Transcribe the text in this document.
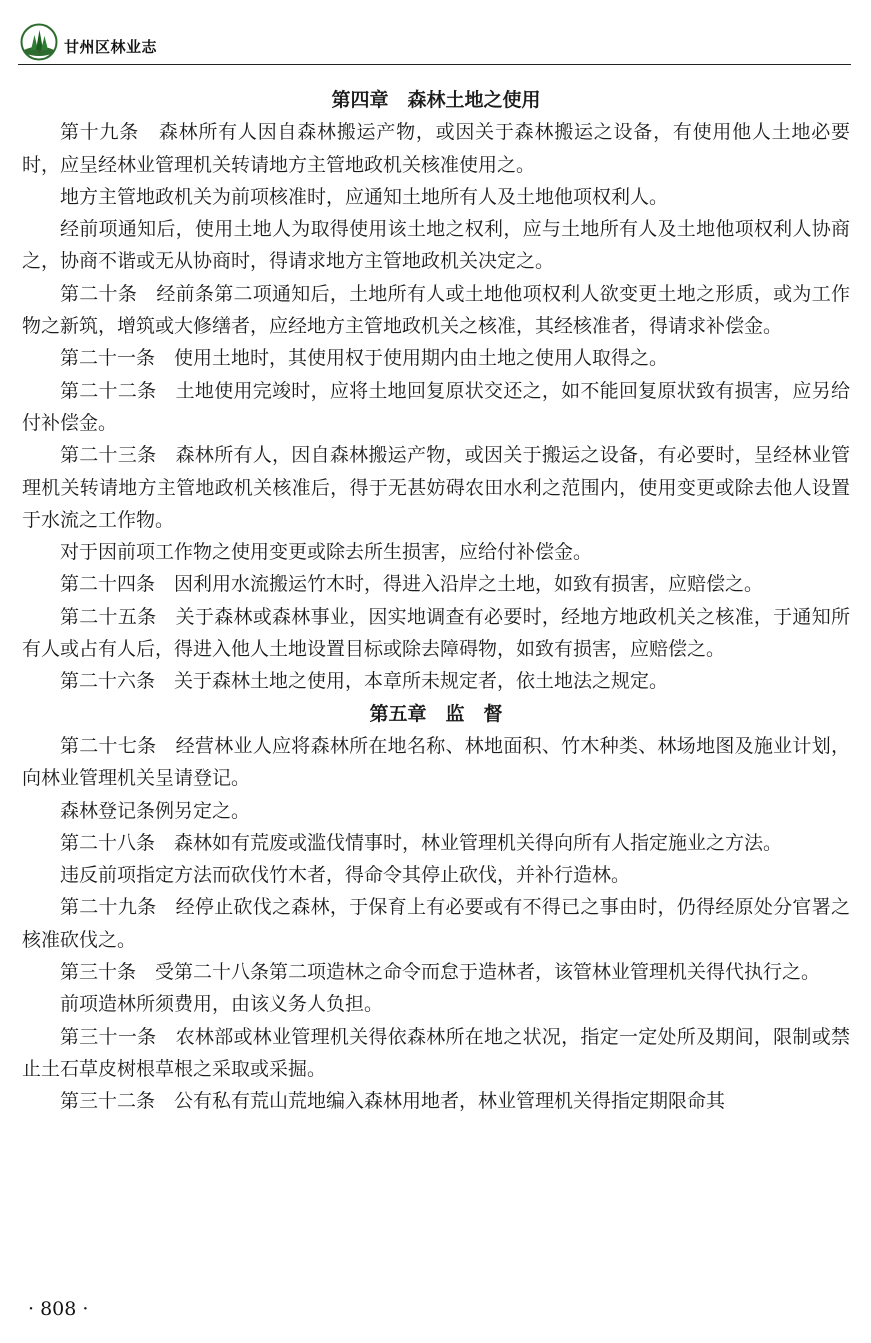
甘州区林业志
第四章　森林土地之使用

第十九条　森林所有人因自森林搬运产物，或因关于森林搬运之设备，有使用他人土地必要时，应呈经林业管理机关转请地方主管地政机关核准使用之。

地方主管地政机关为前项核准时，应通知土地所有人及土地他项权利人。

经前项通知后，使用土地人为取得使用该土地之权利，应与土地所有人及土地他项权利人协商之，协商不谐或无从协商时，得请求地方主管地政机关决定之。

第二十条　经前条第二项通知后，土地所有人或土地他项权利人欲变更土地之形质，或为工作物之新筑，增筑或大修缮者，应经地方主管地政机关之核准，其经核准者，得请求补偿金。

第二十一条　使用土地时，其使用权于使用期内由土地之使用人取得之。

第二十二条　土地使用完竣时，应将土地回复原状交还之，如不能回复原状致有损害，应另给付补偿金。

第二十三条　森林所有人，因自森林搬运产物，或因关于搬运之设备，有必要时，呈经林业管理机关转请地方主管地政机关核准后，得于无甚妨碍农田水利之范围内，使用变更或除去他人设置于水流之工作物。

对于因前项工作物之使用变更或除去所生损害，应给付补偿金。

第二十四条　因利用水流搬运竹木时，得进入沿岸之土地，如致有损害，应赔偿之。

第二十五条　关于森林或森林事业，因实地调查有必要时，经地方地政机关之核准，于通知所有人或占有人后，得进入他人土地设置目标或除去障碍物，如致有损害，应赔偿之。

第二十六条　关于森林土地之使用，本章所未规定者，依土地法之规定。

第五章　监　督

第二十七条　经营林业人应将森林所在地名称、林地面积、竹木种类、林场地图及施业计划，向林业管理机关呈请登记。

森林登记条例另定之。

第二十八条　森林如有荒废或滥伐情事时，林业管理机关得向所有人指定施业之方法。

违反前项指定方法而砍伐竹木者，得命令其停止砍伐，并补行造林。

第二十九条　经停止砍伐之森林，于保育上有必要或有不得已之事由时，仍得经原处分官署之核准砍伐之。

第三十条　受第二十八条第二项造林之命令而怠于造林者，该管林业管理机关得代执行之。

前项造林所须费用，由该义务人负担。

第三十一条　农林部或林业管理机关得依森林所在地之状况，指定一定处所及期间，限制或禁止土石草皮树根草根之采取或采掘。

第三十二条　公有私有荒山荒地编入森林用地者，林业管理机关得指定期限命其

· 808 ·
